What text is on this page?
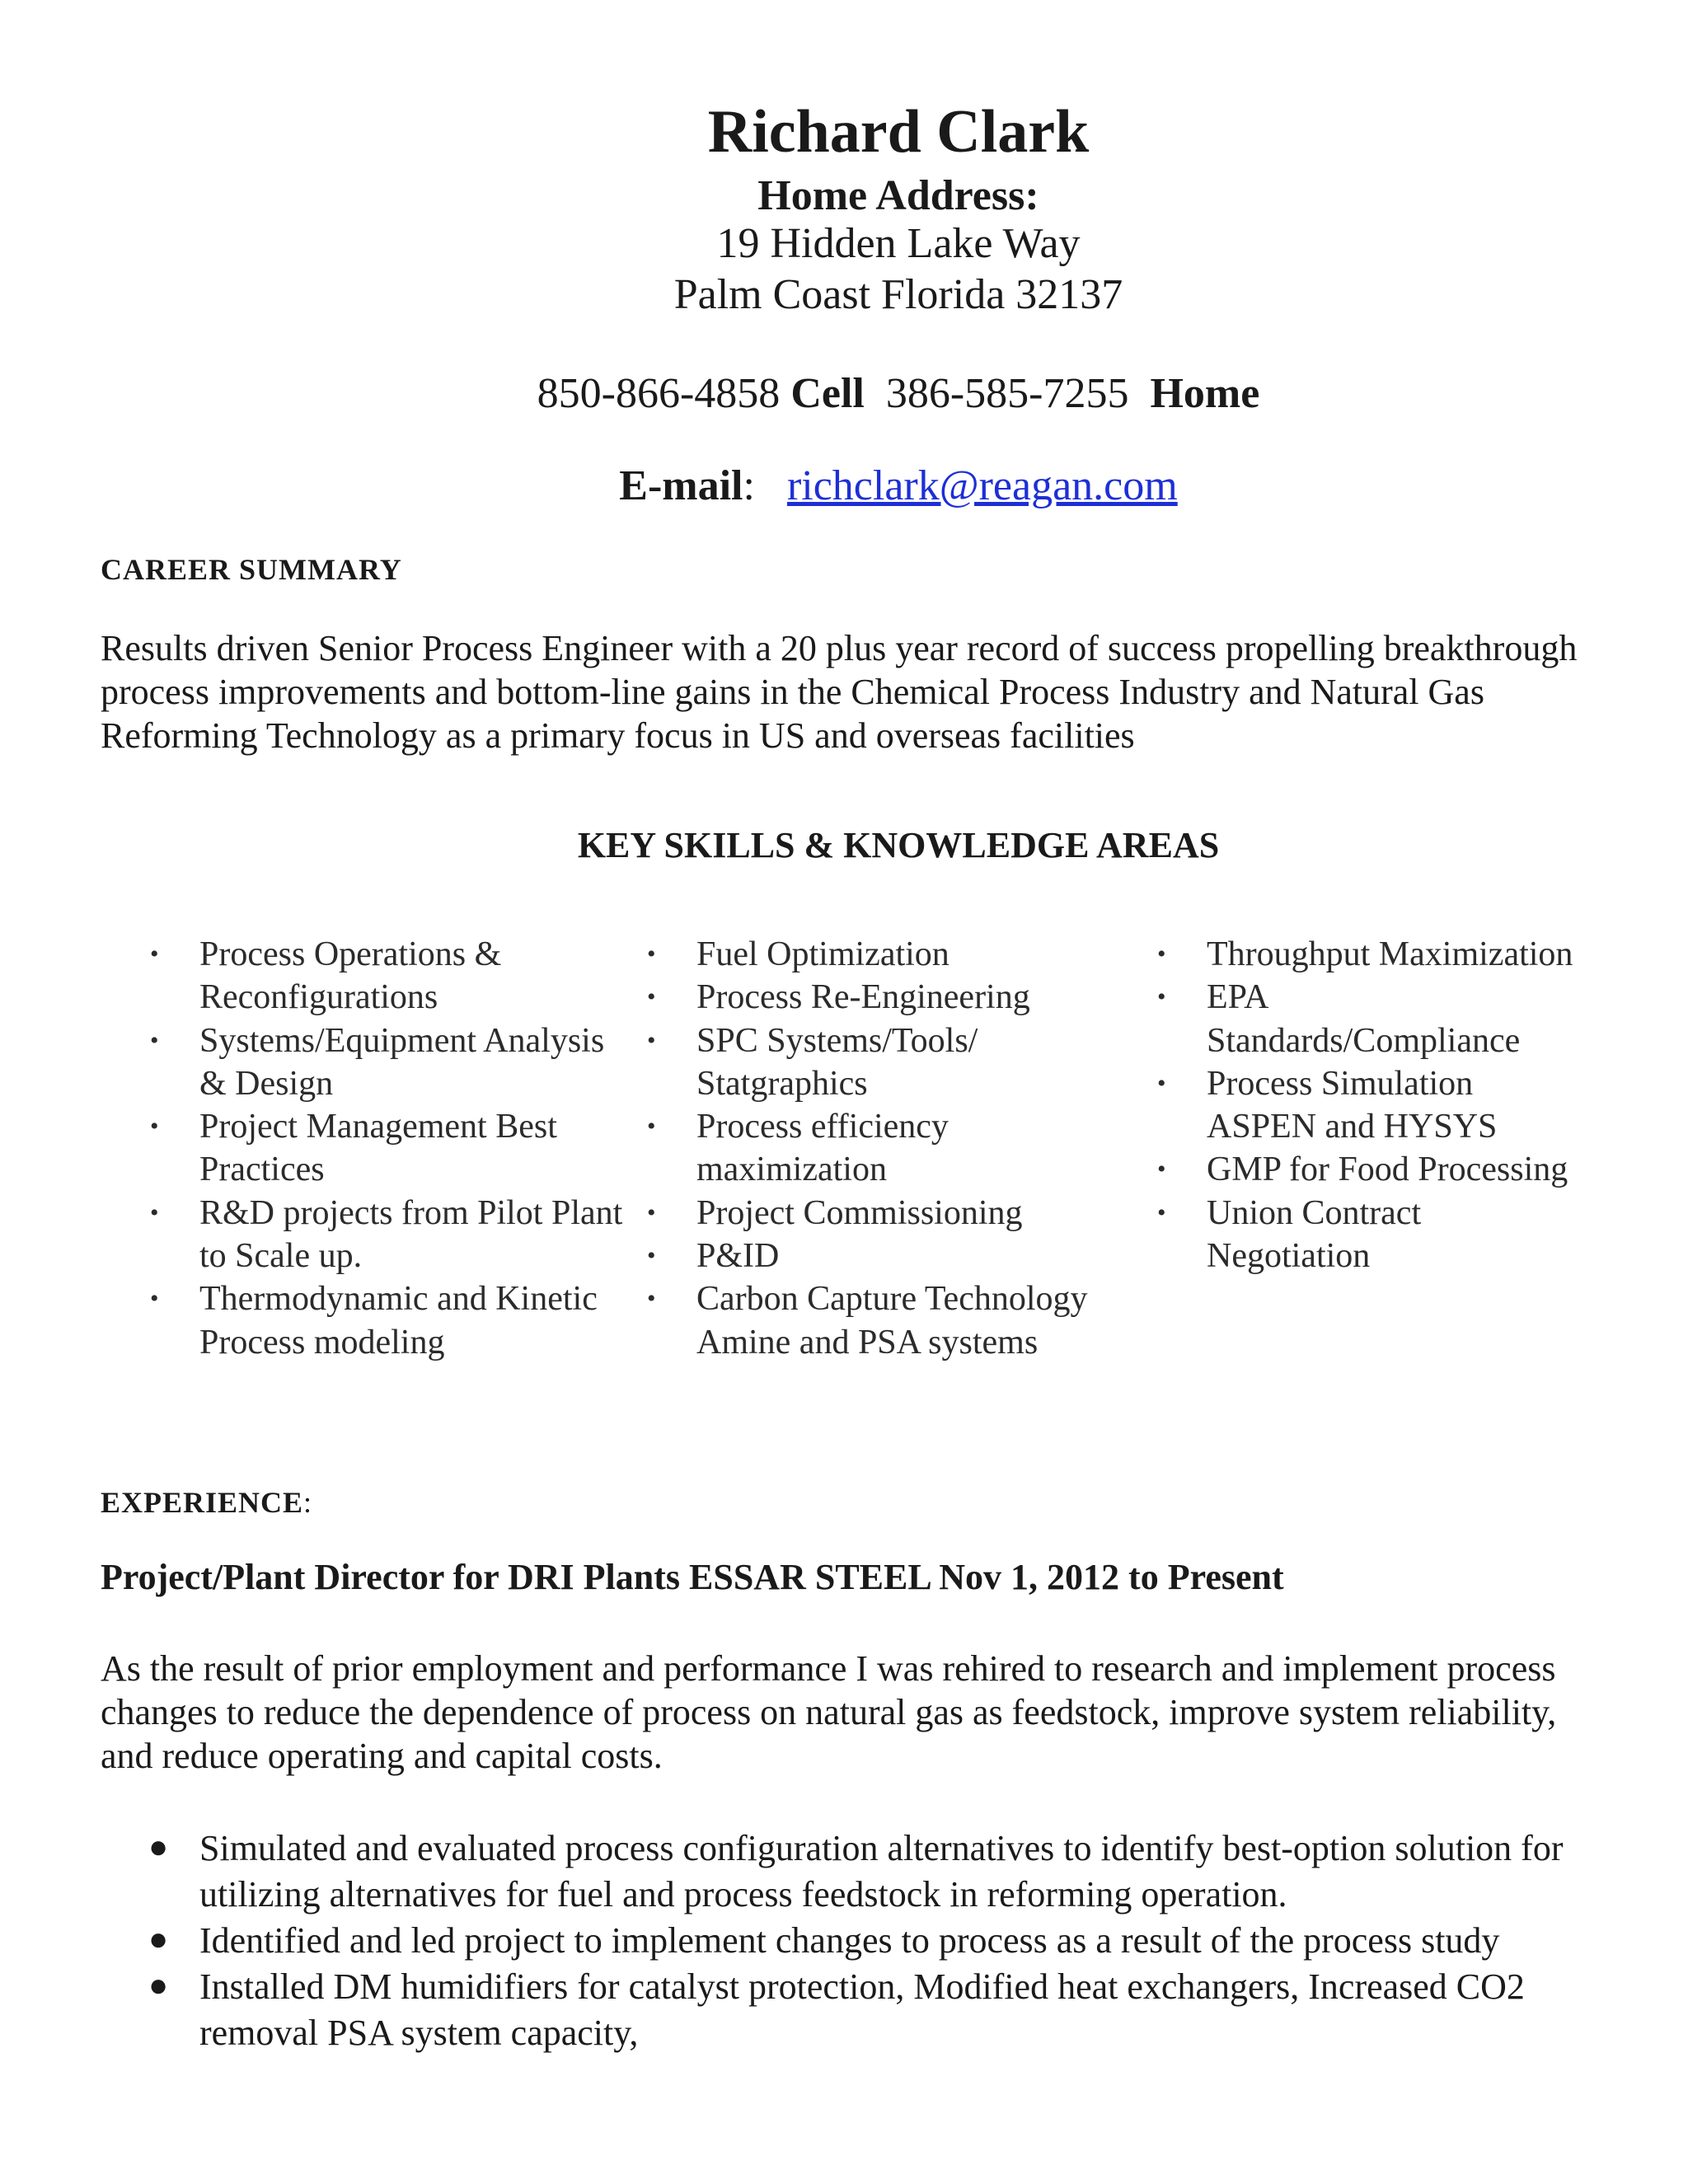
Richard Clark
Home Address:
19 Hidden Lake Way
Palm Coast Florida 32137
850-866-4858 Cell 386-585-7255 Home
E-mail:   richclark@reagan.com
CAREER SUMMARY
Results driven Senior Process Engineer with a 20 plus year record of success propelling breakthrough process improvements and bottom-line gains in the Chemical Process Industry and Natural Gas Reforming Technology as a primary focus in US and overseas facilities
KEY SKILLS & KNOWLEDGE AREAS
• Process Operations & Reconfigurations
• Systems/Equipment Analysis & Design
• Project Management Best Practices
• R&D projects from Pilot Plant to Scale up.
• Thermodynamic and Kinetic Process modeling
• Fuel Optimization
• Process Re-Engineering
• SPC Systems/Tools/ Statgraphics
• Process efficiency maximization
• Project Commissioning
• P&ID
• Carbon Capture Technology Amine and PSA systems
• Throughput Maximization
• EPA Standards/Compliance
• Process Simulation ASPEN and HYSYS
• GMP for Food Processing
• Union Contract Negotiation
EXPERIENCE:
Project/Plant Director for DRI Plants ESSAR STEEL Nov 1, 2012 to Present
As the result of prior employment and performance I was rehired to research and implement process changes to reduce the dependence of process on natural gas as feedstock, improve system reliability, and reduce operating and capital costs.
● Simulated and evaluated process configuration alternatives to identify best-option solution for utilizing alternatives for fuel and process feedstock in reforming operation.
● Identified and led project to implement changes to process as a result of the process study
● Installed DM humidifiers for catalyst protection, Modified heat exchangers, Increased CO2 removal PSA system capacity,
